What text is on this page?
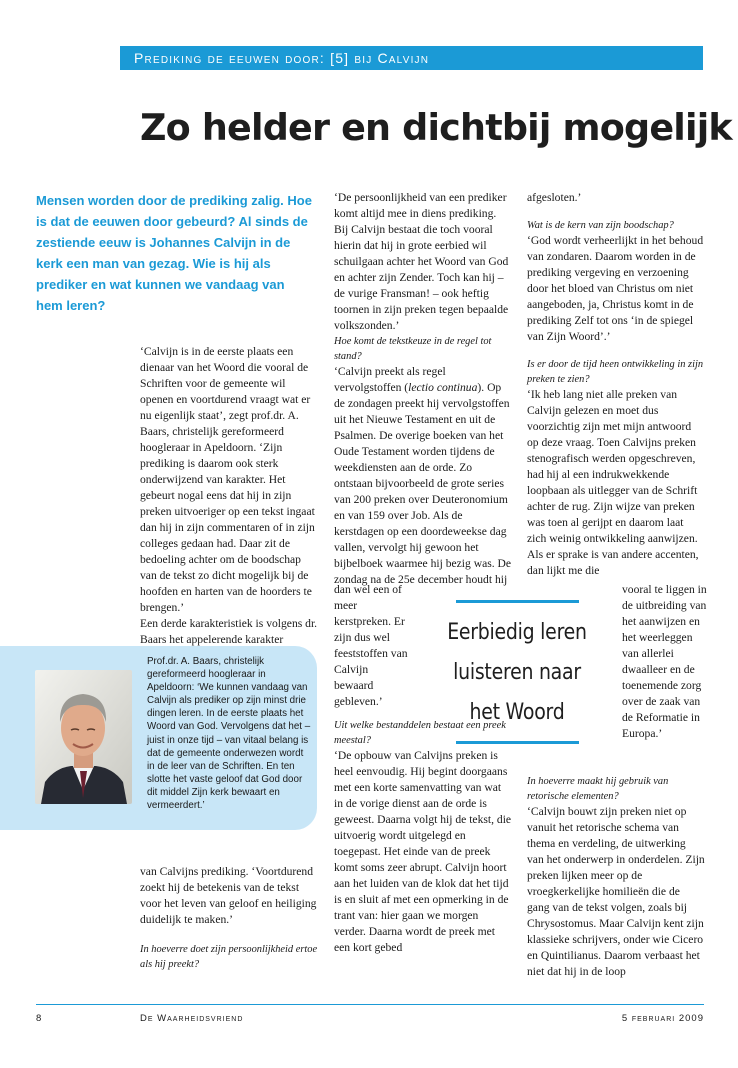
Prediking de eeuwen door: [5] bij Calvijn
Zo helder en dichtbij mogelijk

Mensen worden door de prediking zalig. Hoe is dat de eeuwen door gebeurd? Al sinds de zestiende eeuw is Johannes Calvijn in de kerk een man van gezag. Wie is hij als prediker en wat kunnen we vandaag van hem leren?

‘Calvijn is in de eerste plaats een dienaar van het Woord die vooral de Schriften voor de gemeente wil openen en voortdurend vraagt wat er nu eigenlijk staat’, zegt prof.dr. A. Baars, christelijk gereformeerd hoogleraar in Apeldoorn. ‘Zijn prediking is daarom ook sterk onderwijzend van karakter. Het gebeurt nogal eens dat hij in zijn preken uitvoeriger op een tekst ingaat dan hij in zijn commentaren of in zijn colleges gedaan had. Daar zit de bedoeling achter om de boodschap van de tekst zo dicht mogelijk bij de hoofden en harten van de hoorders te brengen.’

Een derde karakteristiek is volgens dr. Baars het appelerende karakter

Prof.dr. A. Baars, christelijk gereformeerd hoogleraar in Apeldoorn: ‘We kunnen vandaag van Calvijn als prediker op zijn minst drie dingen leren. In de eerste plaats het Woord van God. Vervolgens dat het – juist in onze tijd – van vitaal belang is dat de gemeente onderwezen wordt in de leer van de Schriften. En ten slotte het vaste geloof dat God door dit middel Zijn kerk bewaart en vermeerdert.’

van Calvijns prediking. ‘Voortdurend zoekt hij de betekenis van de tekst voor het leven van geloof en heiliging duidelijk te maken.’

In hoeverre doet zijn persoonlijkheid ertoe als hij preekt?

‘De persoonlijkheid van een prediker komt altijd mee in diens prediking. Bij Calvijn bestaat die toch vooral hierin dat hij in grote eerbied wil schuilgaan achter het Woord van God en achter zijn Zender. Toch kan hij – de vurige Fransman! – ook heftig toornen in zijn preken tegen bepaalde volkszonden.’

Hoe komt de tekstkeuze in de regel tot stand?

‘Calvijn preekt als regel vervolgstoffen (lectio continua). Op de zondagen preekt hij vervolgstoffen uit het Nieuwe Testament en uit de Psalmen. De overige boeken van het Oude Testament worden tijdens de weekdiensten aan de orde. Zo ontstaan bijvoorbeeld de grote series van 200 preken over Deuteronomium en van 159 over Job. Als de kerstdagen op een doordeweekse dag vallen, vervolgt hij gewoon het bijbelboek waarmee hij bezig was. De zondag na de 25e december houdt hij

dan wel een of meer kerstpreken. Er zijn dus wel feeststoffen van Calvijn bewaard gebleven.’

Uit welke bestanddelen bestaat een preek meestal?

‘De opbouw van Calvijns preken is heel eenvoudig. Hij begint doorgaans met een korte samenvatting van wat in de vorige dienst aan de orde is geweest. Daarna volgt hij de tekst, die uitvoerig wordt uitgelegd en toegepast. Het einde van de preek komt soms zeer abrupt. Calvijn hoort aan het luiden van de klok dat het tijd is en sluit af met een opmerking in de trant van: hier gaan we morgen verder. Daarna wordt de preek met een kort gebed

Eerbiedig leren
luisteren naar
het Woord

afgesloten.’

Wat is de kern van zijn boodschap?

‘God wordt verheerlijkt in het behoud van zondaren. Daarom worden in de prediking vergeving en verzoening door het bloed van Christus om niet aangeboden, ja, Christus komt in de prediking Zelf tot ons ‘in de spiegel van Zijn Woord’.’

Is er door de tijd heen ontwikkeling in zijn preken te zien?

‘Ik heb lang niet alle preken van Calvijn gelezen en moet dus voorzichtig zijn met mijn antwoord op deze vraag. Toen Calvijns preken stenografisch werden opgeschreven, had hij al een indrukwekkende loopbaan als uitlegger van de Schrift achter de rug. Zijn wijze van preken was toen al gerijpt en daarom laat zich weinig ontwikkeling aanwijzen. Als er sprake is van andere accenten, dan lijkt me die

vooral te liggen in de uitbreiding van het aanwijzen en het weerleggen van allerlei dwaalleer en de toenemende zorg over de zaak van de Reformatie in Europa.’

In hoeverre maakt hij gebruik van retorische elementen?

‘Calvijn bouwt zijn preken niet op vanuit het retorische schema van thema en verdeling, de uitwerking van het onderwerp in onderdelen. Zijn preken lijken meer op de vroegkerkelijke homilieën die de gang van de tekst volgen, zoals bij Chrysostomus. Maar Calvijn kent zijn klassieke schrijvers, onder wie Cicero en Quintilianus. Daarom verbaast het niet dat hij in de loop

8	De Waarheidsvriend	5 februari 2009
